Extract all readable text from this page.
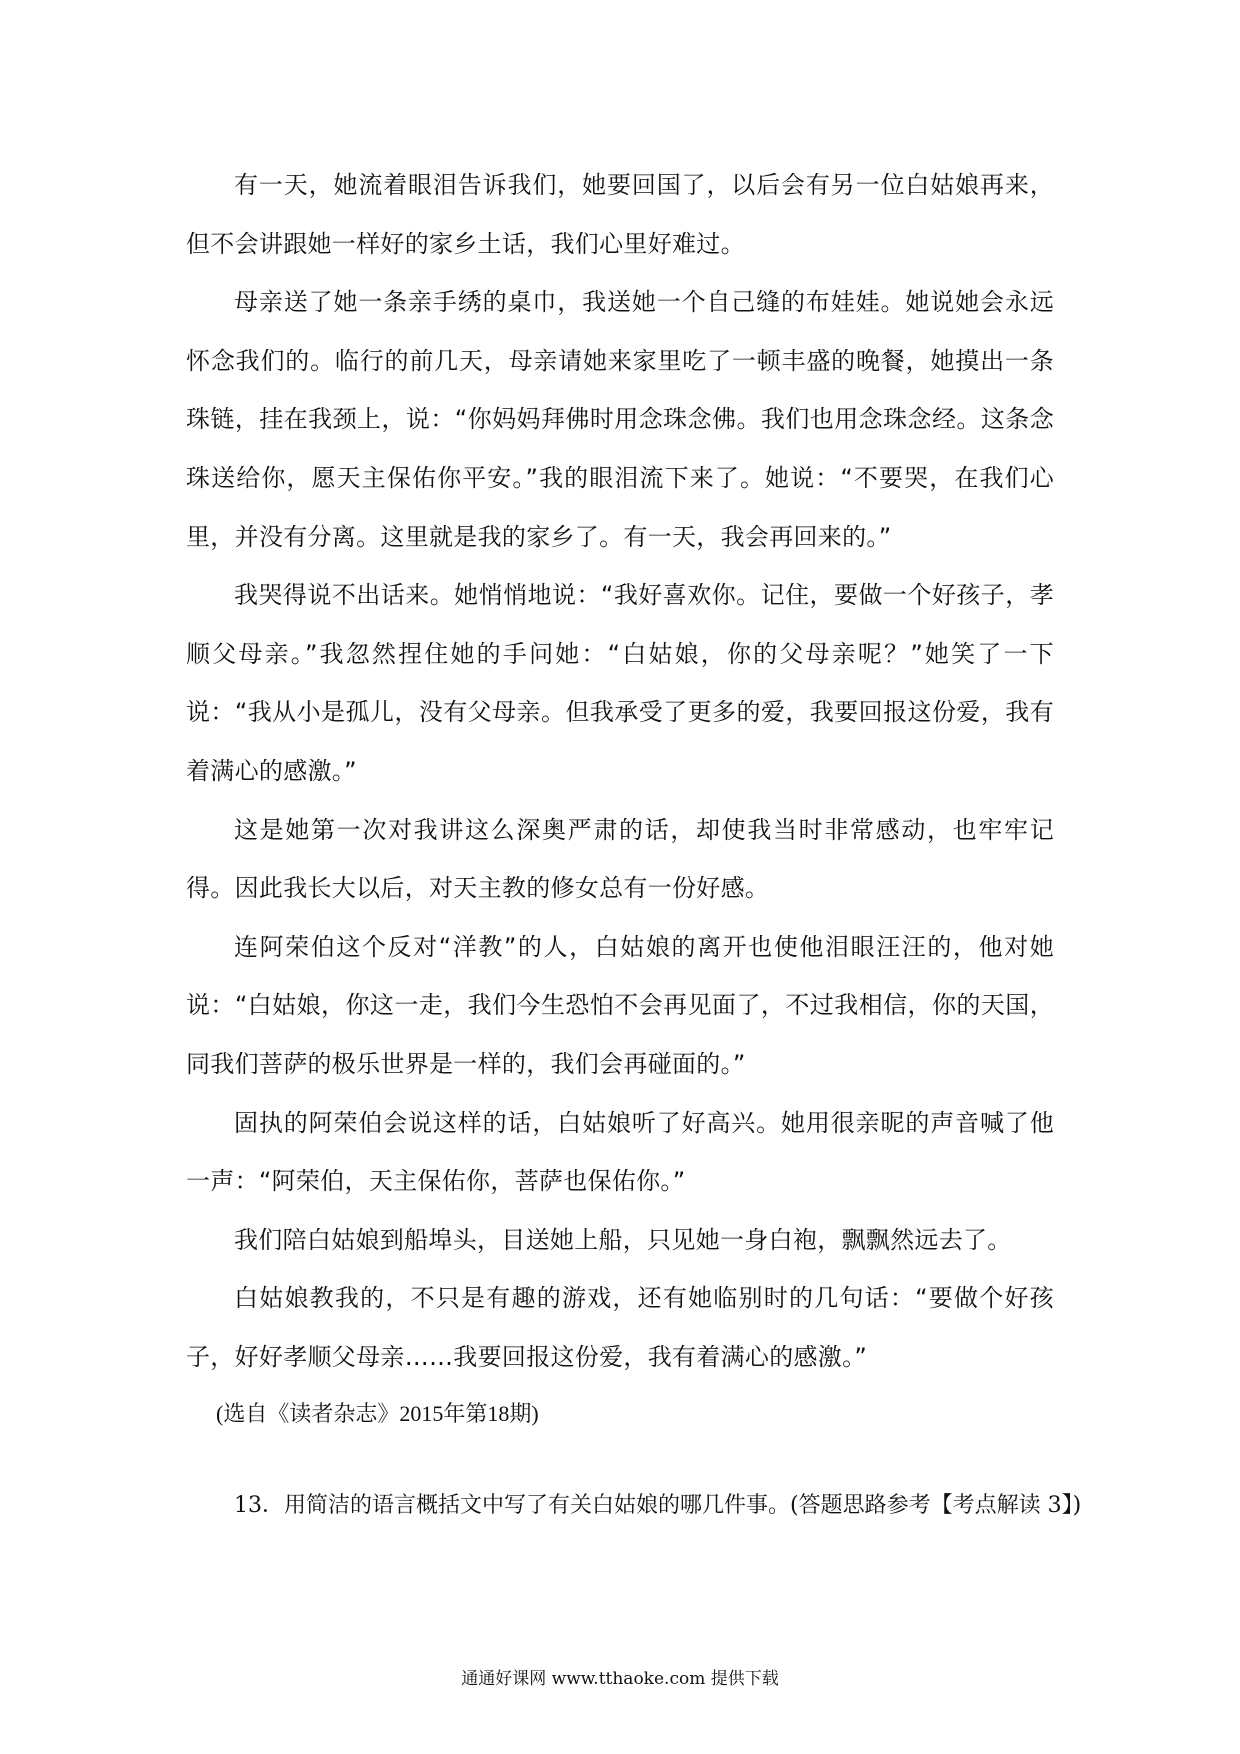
有一天，她流着眼泪告诉我们，她要回国了，以后会有另一位白姑娘再来，但不会讲跟她一样好的家乡土话，我们心里好难过。

母亲送了她一条亲手绣的桌巾，我送她一个自己缝的布娃娃。她说她会永远怀念我们的。临行的前几天，母亲请她来家里吃了一顿丰盛的晚餐，她摸出一条珠链，挂在我颈上，说：“你妈妈拜佛时用念珠念佛。我们也用念珠念经。这条念珠送给你，愿天主保佑你平安。”我的眼泪流下来了。她说：“不要哭，在我们心里，并没有分离。这里就是我的家乡了。有一天，我会再回来的。”

我哭得说不出话来。她悄悄地说：“我好喜欢你。记住，要做一个好孩子，孝顺父母亲。”我忽然捏住她的手问她：“白姑娘，你的父母亲呢？”她笑了一下说：“我从小是孤儿，没有父母亲。但我承受了更多的爱，我要回报这份爱，我有着满心的感激。”

这是她第一次对我讲这么深奥严肃的话，却使我当时非常感动，也牢牢记得。因此我长大以后，对天主教的修女总有一份好感。

连阿荣伯这个反对“洋教”的人，白姑娘的离开也使他泪眼汪汪的，他对她说：“白姑娘，你这一走，我们今生恐怕不会再见面了，不过我相信，你的天国，同我们菩萨的极乐世界是一样的，我们会再碰面的。”

固执的阿荣伯会说这样的话，白姑娘听了好高兴。她用很亲昵的声音喊了他一声：“阿荣伯，天主保佑你，菩萨也保佑你。”

我们陪白姑娘到船埠头，目送她上船，只见她一身白袍，飘飘然远去了。

白姑娘教我的，不只是有趣的游戏，还有她临别时的几句话：“要做个好孩子，好好孝顺父母亲……我要回报这份爱，我有着满心的感激。”

(选自《读者杂志》2015年第18期)
13．用简洁的语言概括文中写了有关白姑娘的哪几件事。(答题思路参考【考点解读 3】)
通通好课网 www.tthaoke.com 提供下载
